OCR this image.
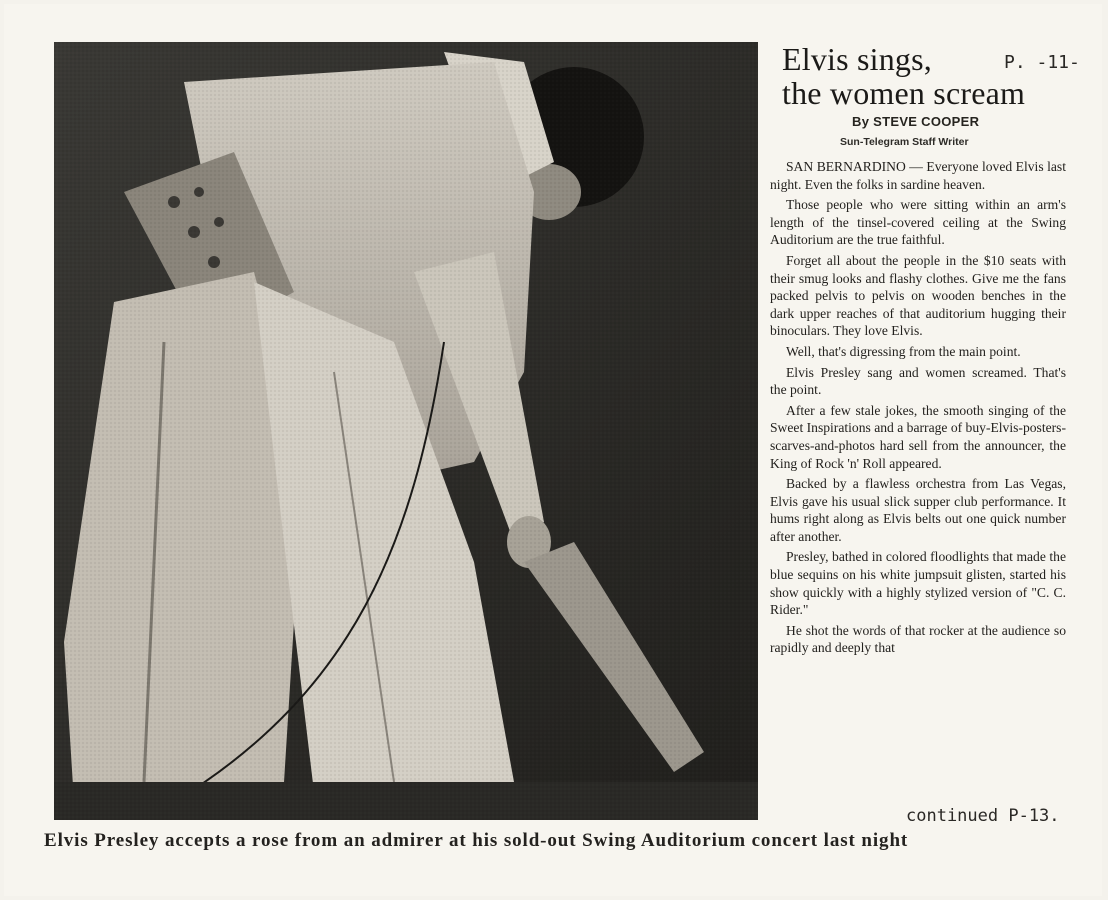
Elvis sings,
the women scream
P. -11-
By STEVE COOPER
Sun-Telegram Staff Writer

SAN BERNARDINO — Everyone loved Elvis last night. Even the folks in sardine heaven.

Those people who were sitting within an arm's length of the tinsel-covered ceiling at the Swing Auditorium are the true faithful.

Forget all about the people in the $10 seats with their smug looks and flashy clothes. Give me the fans packed pelvis to pelvis on wooden benches in the dark upper reaches of that auditorium hugging their binoculars. They love Elvis.

Well, that's digressing from the main point.

Elvis Presley sang and women screamed. That's the point.

After a few stale jokes, the smooth singing of the Sweet Inspirations and a barrage of buy-Elvis-posters-scarves-and-photos hard sell from the announcer, the King of Rock 'n' Roll appeared.

Backed by a flawless orchestra from Las Vegas, Elvis gave his usual slick supper club performance. It hums right along as Elvis belts out one quick number after another.

Presley, bathed in colored floodlights that made the blue sequins on his white jumpsuit glisten, started his show quickly with a highly stylized version of "C. C. Rider."

He shot the words of that rocker at the audience so rapidly and deeply that

continued P-13.
Elvis Presley accepts a rose from an admirer at his sold-out Swing Auditorium concert last night
